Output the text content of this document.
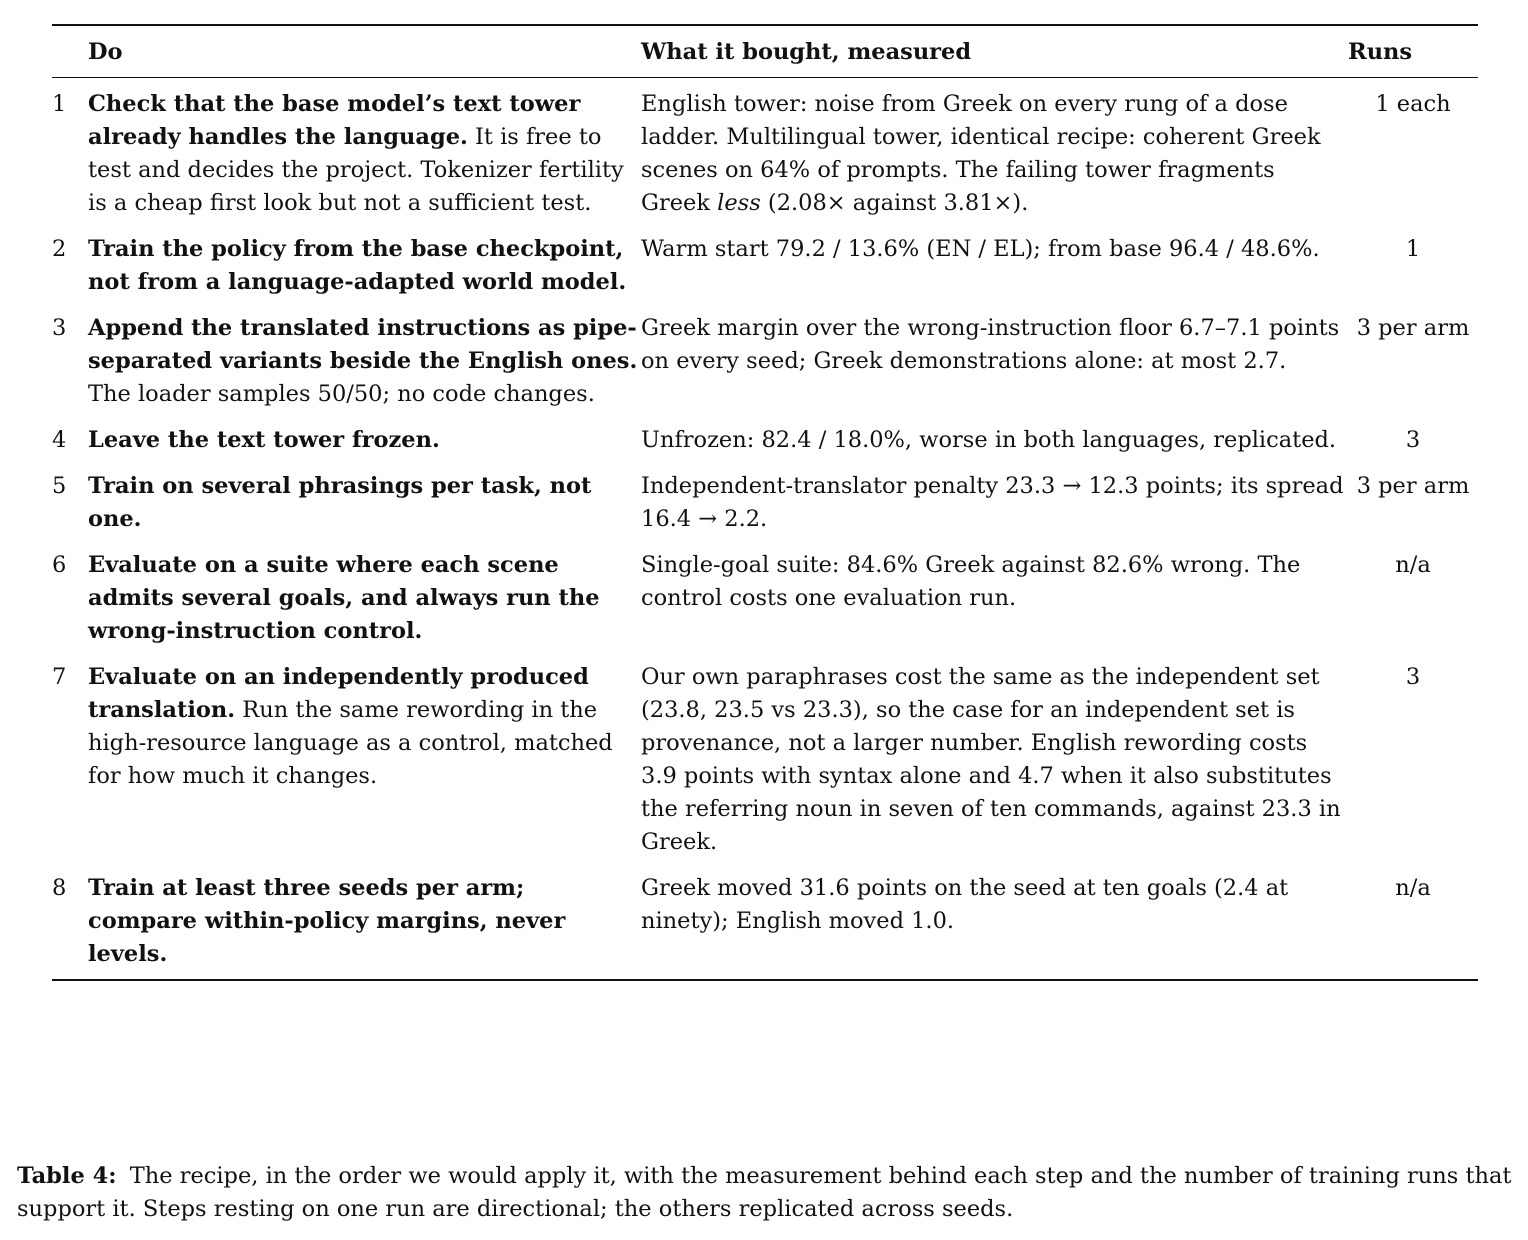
	Do	What it bought, measured	Runs
1	Check that the base model’s text tower already handles the language. It is free to test and decides the project. Tokenizer fertility is a cheap first look but not a sufficient test.	English tower: noise from Greek on every rung of a dose ladder. Multilingual tower, identical recipe: coherent Greek scenes on 64% of prompts. The failing tower fragments Greek less (2.08× against 3.81×).	1 each
2	Train the policy from the base checkpoint, not from a language-adapted world model.	Warm start 79.2 / 13.6% (EN / EL); from base 96.4 / 48.6%.	1
3	Append the translated instructions as pipe-separated variants beside the English ones. The loader samples 50/50; no code changes.	Greek margin over the wrong-instruction floor 6.7–7.1 points on every seed; Greek demonstrations alone: at most 2.7.	3 per arm
4	Leave the text tower frozen.	Unfrozen: 82.4 / 18.0%, worse in both languages, replicated.	3
5	Train on several phrasings per task, not one.	Independent-translator penalty 23.3 → 12.3 points; its spread 16.4 → 2.2.	3 per arm
6	Evaluate on a suite where each scene admits several goals, and always run the wrong-instruction control.	Single-goal suite: 84.6% Greek against 82.6% wrong. The control costs one evaluation run.	n/a
7	Evaluate on an independently produced translation. Run the same rewording in the high-resource language as a control, matched for how much it changes.	Our own paraphrases cost the same as the independent set (23.8, 23.5 vs 23.3), so the case for an independent set is provenance, not a larger number. English rewording costs 3.9 points with syntax alone and 4.7 when it also substitutes the referring noun in seven of ten commands, against 23.3 in Greek.	3
8	Train at least three seeds per arm; compare within-policy margins, never levels.	Greek moved 31.6 points on the seed at ten goals (2.4 at ninety); English moved 1.0.	n/a
Table 4: The recipe, in the order we would apply it, with the measurement behind each step and the number of training runs that support it. Steps resting on one run are directional; the others replicated across seeds.
